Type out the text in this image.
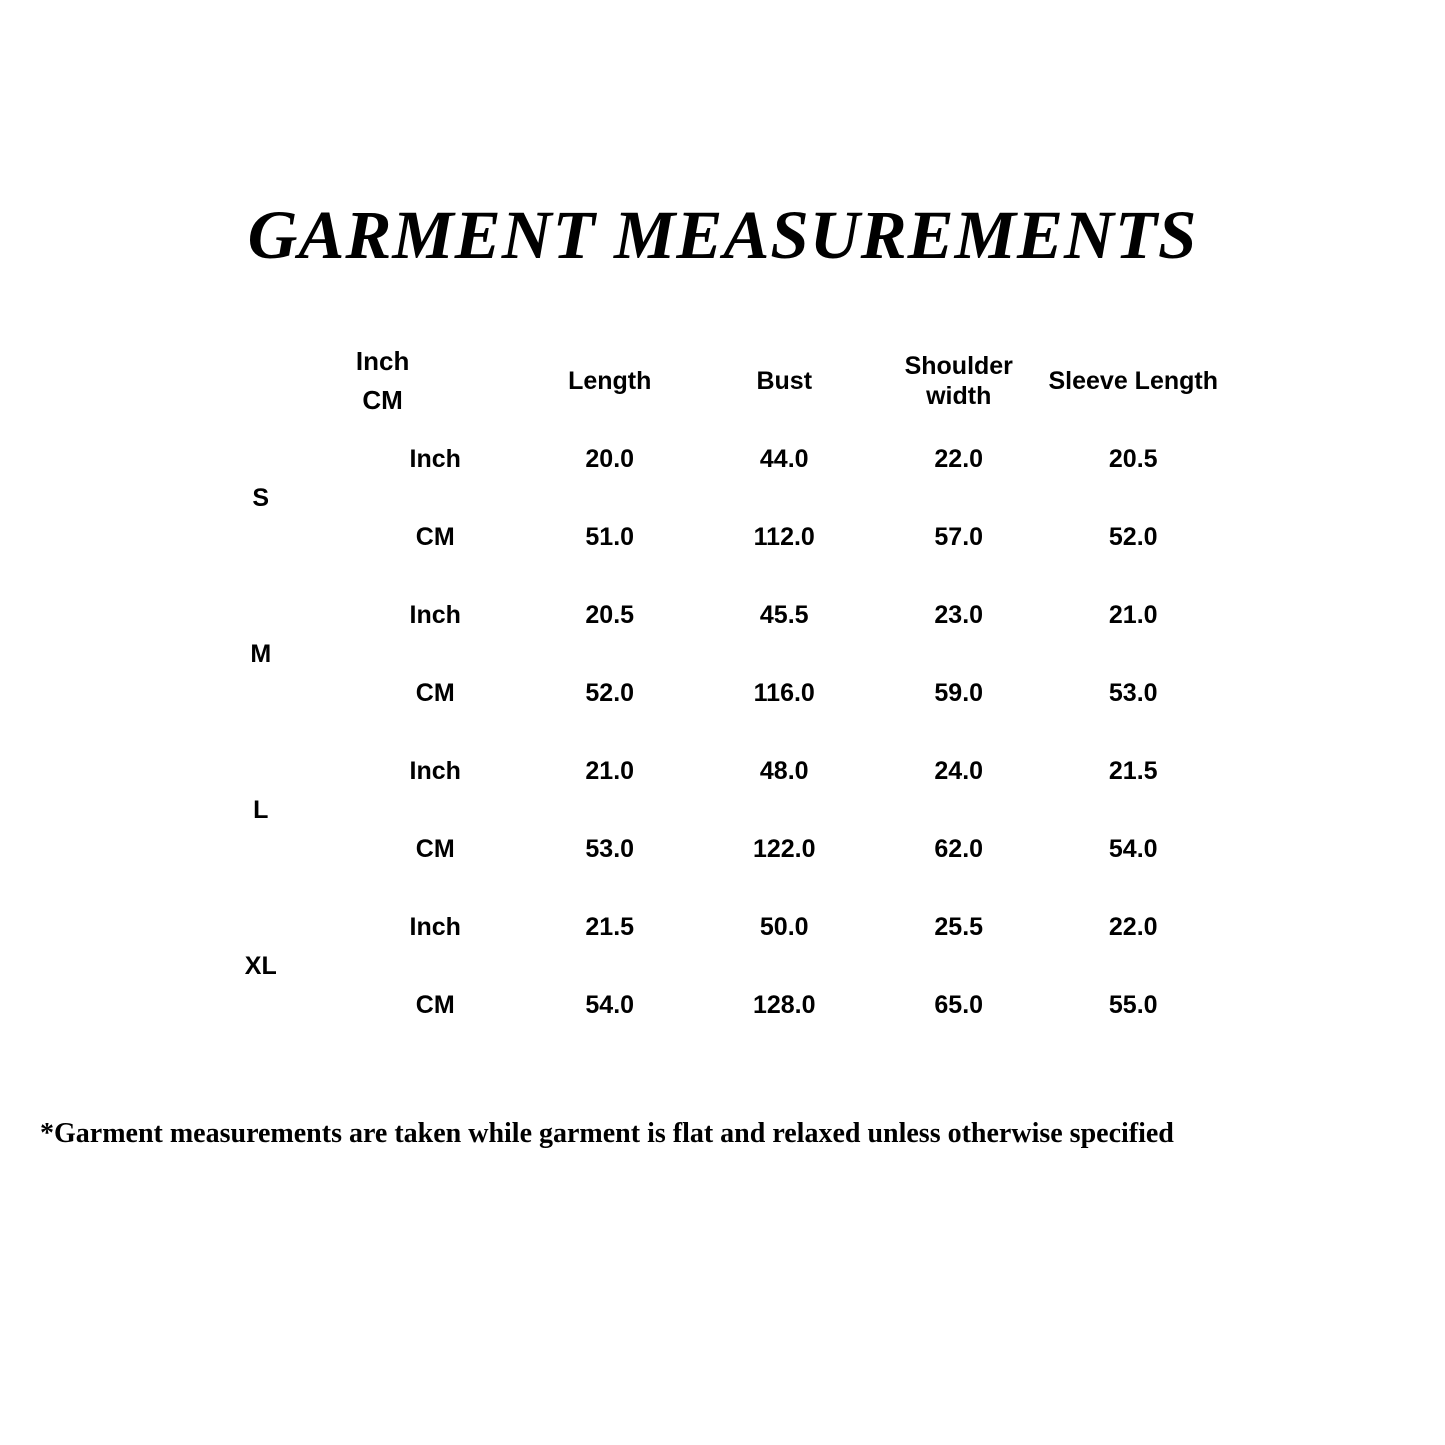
GARMENT MEASUREMENTS
Unit: $\frac{\text{Inch}}{CM}$		Length	Bust	Shoulder width	Sleeve Length
S	Inch	20.0	44.0	22.0	20.5
	CM	51.0	112.0	57.0	52.0
M	Inch	20.5	45.5	23.0	21.0
	CM	52.0	116.0	59.0	53.0
L	Inch	21.0	48.0	24.0	21.5
	CM	53.0	122.0	62.0	54.0
XL	Inch	21.5	50.0	25.5	22.0
	CM	54.0	128.0	65.0	55.0
*Garment measurements are taken while garment is flat and relaxed unless otherwise specified
